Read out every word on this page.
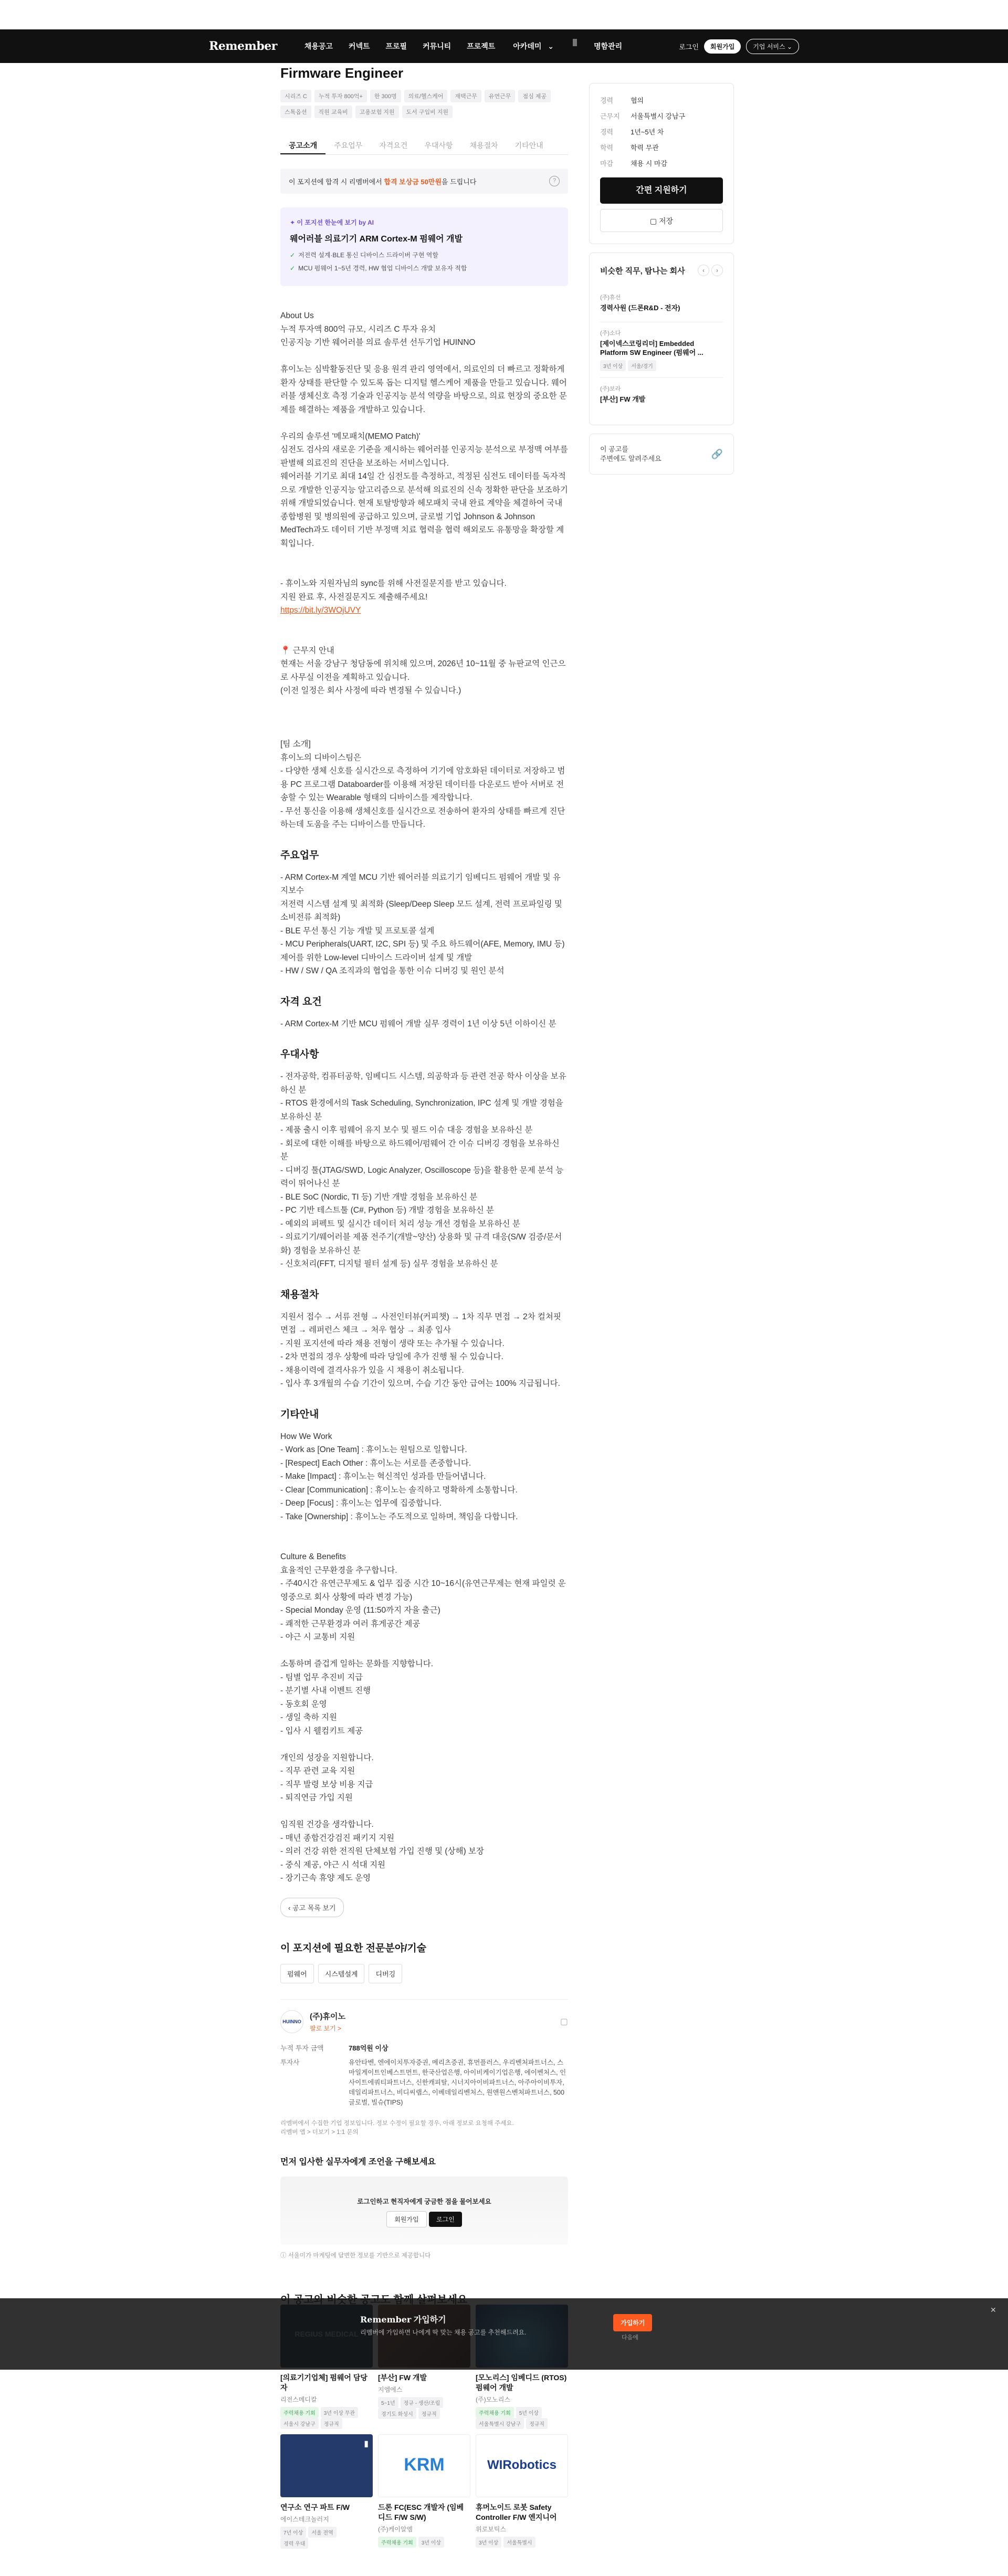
Remember	채용공고 커넥트 프로필 커뮤니티 프로젝트	아카데미 ⌄	명함관리	로그인	회원가입	기업 서비스 ⌄
Firmware Engineer
시리즈 C	누적 투자 800억+	한 300명	의료/헬스케어	재택근무	유연근무	점심 제공
스톡옵션	직원 교육비	고용보험 지원	도서 구입비 지원
공고소개	주요업무	자격요건	우대사항	채용절차	기타안내
이 포지션에 합격 시 리멤버에서 합격 보상금 50만원을 드립니다	?
✦ 이 포지션 한눈에 보기 by AI
웨어러블 의료기기 ARM Cortex-M 펌웨어 개발
✓ 저전력 설계·BLE 통신 디바이스 드라이버 구현 역할
✓ MCU 펌웨어 1~5년 경력, HW 협업 디바이스 개발 보유자 적합
About Us
누적 투자액 800억 규모, 시리즈 C 투자 유치
인공지능 기반 웨어러블 의료 솔루션 선두기업 HUINNO

휴이노는 심박활동진단 및 응용 원격 관리 영역에서, 의료인의 더 빠르고 정확하게 환자 상태를 판단할 수 있도록 돕는 디지털 헬스케어 제품을 만들고 있습니다. 웨어러블 생체신호 측정 기술과 인공지능 분석 역량을 바탕으로, 의료 현장의 중요한 문제를 해결하는 제품을 개발하고 있습니다.

우리의 솔루션 '메모패치(MEMO Patch)'
심전도 검사의 새로운 기준을 제시하는 웨어러블 인공지능 분석으로 부정맥 여부를 판별해 의료진의 진단을 보조하는 서비스입니다.
웨어러블 기기로 최대 14일 간 심전도를 측정하고, 적정된 심전도 데이터를 독자적으로 개발한 인공지능 알고리즘으로 분석해 의료진의 신속 정확한 판단을 보조하기 위해 개발되었습니다. 현재 토탈방향과 헤모패치 국내 완료 계약을 체결하여 국내 종합병원 및 병의원에 공급하고 있으며, 글로벌 기업 Johnson & Johnson MedTech과도 데이터 기반 부정맥 치료 협력을 협력 해외로도 유통망을 확장할 계획입니다.

- 휴이노와 지원자님의 sync를 위해 사전질문지를 받고 있습니다.
지원 완료 후, 사전질문지도 제출해주세요!

https://bit.ly/3WOjUVY

📍 근무지 안내
현재는 서울 강남구 청담동에 위치해 있으며, 2026년 10~11월 중 뉴판교역 인근으로 사무실 이전을 계획하고 있습니다.
(이전 일정은 회사 사정에 따라 변경될 수 있습니다.)

[팀 소개]
휴이노의 디바이스팀은
- 다양한 생체 신호를 실시간으로 측정하여 기기에 암호화된 데이터로 저장하고 범용 PC 프로그램 Databoarder를 이용해 저장된 데이터를 다운로드 받아 서버로 전송할 수 있는 Wearable 형태의 디바이스를 제작합니다.
- 무선 통신을 이용해 생체신호를 실시간으로 전송하여 환자의 상태를 빠르게 진단하는데 도움을 주는 디바이스를 만듭니다.
주요업무
- ARM Cortex-M 계열 MCU 기반 웨어러블 의료기기 임베디드 펌웨어 개발 및 유지보수
저전력 시스템 설계 및 최적화 (Sleep/Deep Sleep 모드 설계, 전력 프로파일링 및 소비전류 최적화)
- BLE 무선 통신 기능 개발 및 프로토콜 설계
- MCU Peripherals(UART, I2C, SPI 등) 및 주요 하드웨어(AFE, Memory, IMU 등) 제어를 위한 Low-level 디바이스 드라이버 설계 및 개발
- HW / SW / QA 조직과의 협업을 통한 이슈 디버깅 및 원인 분석
자격 요건
- ARM Cortex-M 기반 MCU 펌웨어 개발 실무 경력이 1년 이상 5년 이하이신 분
우대사항
- 전자공학, 컴퓨터공학, 임베디드 시스템, 의공학과 등 관련 전공 학사 이상을 보유하신 분
- RTOS 환경에서의 Task Scheduling, Synchronization, IPC 설계 및 개발 경험을 보유하신 분
- 제품 출시 이후 펌웨어 유지 보수 및 필드 이슈 대응 경험을 보유하신 분
- 회로에 대한 이해를 바탕으로 하드웨어/펌웨어 간 이슈 디버깅 경험을 보유하신 분
- 디버깅 툴(JTAG/SWD, Logic Analyzer, Oscilloscope 등)을 활용한 문제 분석 능력이 뛰어나신 분
- BLE SoC (Nordic, TI 등) 기반 개발 경험을 보유하신 분
- PC 기반 테스트툴 (C#, Python 등) 개발 경험을 보유하신 분
- 예외의 퍼펙트 및 실시간 데이터 처리 성능 개선 경험을 보유하신 분
- 의료기기/웨어러블 제품 전주기(개발~양산) 상용화 및 규격 대응(S/W 검증/문서화) 경험을 보유하신 분
- 신호처리(FFT, 디지털 필터 설계 등) 실무 경험을 보유하신 분
채용절차
지원서 접수 → 서류 전형 → 사전인터뷰(커피챗) → 1차 직무 면접 → 2차 컬쳐핏 면접 → 레퍼런스 체크 → 처우 협상 → 최종 입사
- 지원 포지션에 따라 채용 전형이 생략 또는 추가될 수 있습니다.
- 2차 면접의 경우 상황에 따라 당일에 추가 진행 될 수 있습니다.
- 채용이력에 결격사유가 있을 시 채용이 취소됩니다.
- 입사 후 3개월의 수습 기간이 있으며, 수습 기간 동안 급여는 100% 지급됩니다.
기타안내
How We Work
- Work as [One Team] : 휴이노는 원팀으로 일합니다.
- [Respect] Each Other : 휴이노는 서로를 존중합니다.
- Make [Impact] : 휴이노는 혁신적인 성과를 만들어냅니다.
- Clear [Communication] : 휴이노는 솔직하고 명확하게 소통합니다.
- Deep [Focus] : 휴이노는 업무에 집중합니다.
- Take [Ownership] : 휴이노는 주도적으로 일하며, 책임을 다합니다.

Culture & Benefits
효율적인 근무환경을 추구합니다.
- 주40시간 유연근무제도 & 업무 집중 시간 10~16시(유연근무제는 현재 파일럿 운영중으로 회사 상황에 따라 변경 가능)
- Special Monday 운영 (11:50까지 자율 출근)
- 쾌적한 근무환경과 여러 휴게공간 제공
- 야근 시 교통비 지원

소통하며 즐겁게 일하는 문화를 지향합니다.
- 팀별 업무 추진비 지급
- 분기별 사내 이벤트 진행
- 동호회 운영
- 생일 축하 지원
- 입사 시 웰컴키트 제공

개인의 성장을 지원합니다.
- 직무 관련 교육 지원
- 직무 발령 보상 비용 지급
- 퇴직연금 가입 지원

임직원 건강을 생각합니다.
- 매년 종합건강검진 패키지 지원
- 의러 건강 위한 전직원 단체보험 가입 진행 및 (상해) 보장
- 중식 제공, 야근 시 석대 지원
- 장기근속 휴양 제도 운영
‹ 공고 목록 보기
이 포지션에 필요한 전문분야/기술
펌웨어	시스템설계	디버깅
HUINNO
(주)휴이노
팔로 보기 >
▢
누적 투자 금액	788억원 이상
투자사	유안타벤, 엔에이치투자증권, 메리츠증권, 휴먼플러스, 우리벤처파트너스, 스마일게이트인베스트먼트, 한국산업은행, 아이비케이기업은행, 에이벤처스, 인사이트에쿼티파트너스, 신한캐피탈, 시너지아이비파트너스, 아주아이비투자, 데일리파트너스, 비디씨랩스, 이베데일리벤처스, 원앤원스벤처파트너스, 500글로벌, 빌슈(TIPS)
리멤버에서 수집한 기업 정보입니다. 정보 수정이 필요할 경우, 아래 정보로 요청해 주세요.
리멤버 앱 > 더보기 > 1:1 문의
먼저 입사한 실무자에게 조언을 구해보세요
로그인하고 현직자에게 궁금한 점을 물어보세요
회원가입	로그인
ⓘ 서울미가 마케팅에 답변한 정보를 기반으로 제공합니다
[의료기기업체] 펌웨어 담당자
리전스메디칼
주력채용 기회 3년 이상 무관
서울시 강남구 정규직
[부산] FW 개발
지엠에스
5~1년 정규 - 생산/조립
경기도 화성시 정규직
[모노리스] 임베디드 (RTOS) 펌웨어 개발
(주)모노리스
주력채용 기회 5년 이상
서울특별시 강남구 정규직
▮
연구소 연구 파트 F/W
에이스테크놀러지
7년 이상 서울 전역
경력 우대
KRM
드론 FC(ESC 개발자 (임베디드 F/W S/W)
(주)케이알엠
주력채용 기회 3년 이상
WIRobotics
휴머노이드 로봇 Safety Controller F/W 엔지니어
위로보틱스
3년 이상 서울특별시
경력	협의
근무지	서울특별시 강남구
경력	1년~5년 차
학력	학력 무관
마감	채용 시 마감
간편 지원하기
▢ 저장
비슷한 직무, 탐나는 회사	‹ ›
(주)휴선
경력사원 (드론R&D - 전자)
(주)소다
[제이넥스코링리더] Embedded Platform SW Engineer (펌웨어 ...
3년 이상 서울/경기
(주)보라
[부산] FW 개발
이 공고를
주변에도 알려주세요	🔗
Remember 가입하기
리멤버에 가입하면 나에게 딱 맞는 채용 공고를 추천해드려요.
가입하기
다음에
✕
